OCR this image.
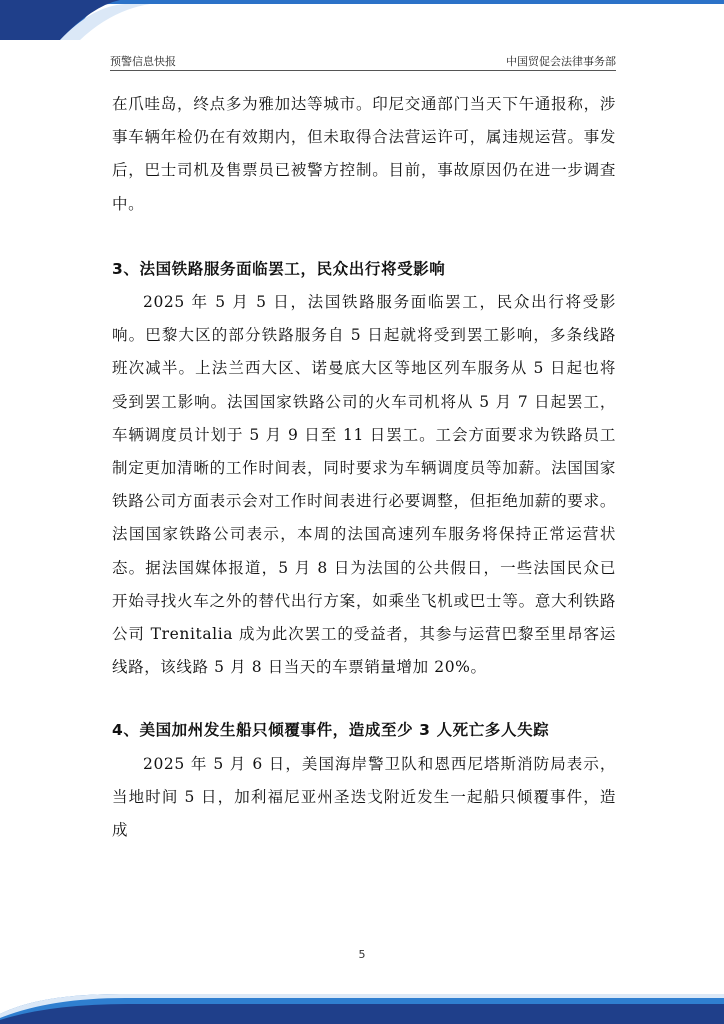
预警信息快报	中国贸促会法律事务部

在爪哇岛，终点多为雅加达等城市。印尼交通部门当天下午通报称，涉事车辆年检仍在有效期内，但未取得合法营运许可，属违规运营。事发后，巴士司机及售票员已被警方控制。目前，事故原因仍在进一步调查中。

3、法国铁路服务面临罢工，民众出行将受影响

2025 年 5 月 5 日，法国铁路服务面临罢工，民众出行将受影响。巴黎大区的部分铁路服务自 5 日起就将受到罢工影响，多条线路班次减半。上法兰西大区、诺曼底大区等地区列车服务从 5 日起也将受到罢工影响。法国国家铁路公司的火车司机将从 5 月 7 日起罢工，车辆调度员计划于 5 月 9 日至 11 日罢工。工会方面要求为铁路员工制定更加清晰的工作时间表，同时要求为车辆调度员等加薪。法国国家铁路公司方面表示会对工作时间表进行必要调整，但拒绝加薪的要求。法国国家铁路公司表示，本周的法国高速列车服务将保持正常运营状态。据法国媒体报道，5 月 8 日为法国的公共假日，一些法国民众已开始寻找火车之外的替代出行方案，如乘坐飞机或巴士等。意大利铁路公司 Trenitalia 成为此次罢工的受益者，其参与运营巴黎至里昂客运线路，该线路 5 月 8 日当天的车票销量增加 20%。

4、美国加州发生船只倾覆事件，造成至少 3 人死亡多人失踪

2025 年 5 月 6 日，美国海岸警卫队和恩西尼塔斯消防局表示，当地时间 5 日，加利福尼亚州圣迭戈附近发生一起船只倾覆事件，造成

5
